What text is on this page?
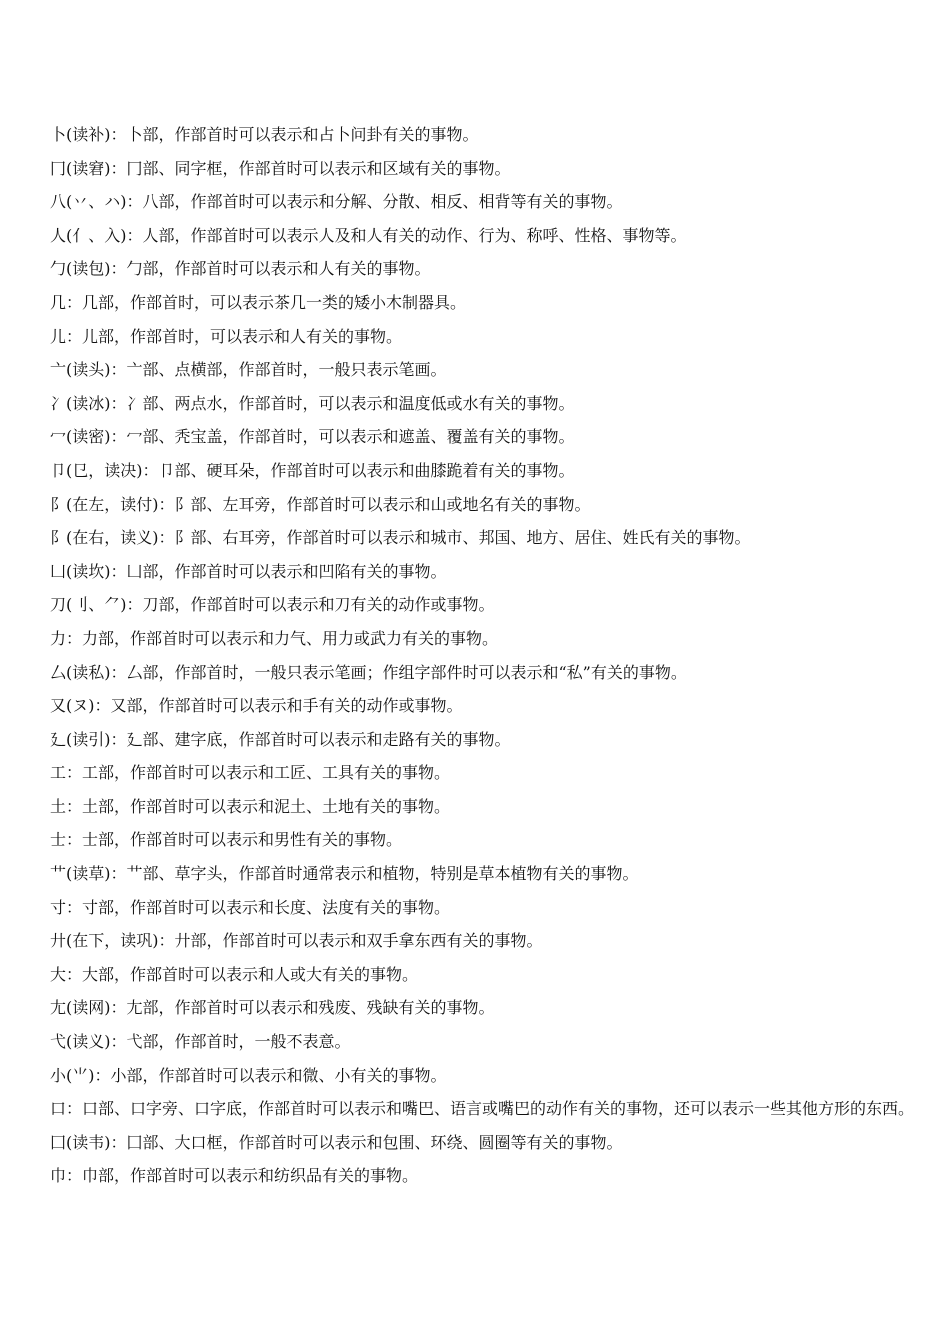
卜(读补)：卜部，作部首时可以表示和占卜问卦有关的事物。

冂(读窘)：冂部、同字框，作部首时可以表示和区域有关的事物。

八(丷、ハ)：八部，作部首时可以表示和分解、分散、相反、相背等有关的事物。

人(亻、入)：人部，作部首时可以表示人及和人有关的动作、行为、称呼、性格、事物等。

勹(读包)：勹部，作部首时可以表示和人有关的事物。

几：几部，作部首时，可以表示茶几一类的矮小木制器具。

儿：儿部，作部首时，可以表示和人有关的事物。

亠(读头)：亠部、点横部，作部首时，一般只表示笔画。

冫(读冰)：冫部、两点水，作部首时，可以表示和温度低或水有关的事物。

冖(读密)：冖部、秃宝盖，作部首时，可以表示和遮盖、覆盖有关的事物。

卩(㔾，读决)：卩部、硬耳朵，作部首时可以表示和曲膝跪着有关的事物。

阝(在左，读付)：阝部、左耳旁，作部首时可以表示和山或地名有关的事物。

阝(在右，读义)：阝部、右耳旁，作部首时可以表示和城市、邦国、地方、居住、姓氏有关的事物。

凵(读坎)：凵部，作部首时可以表示和凹陷有关的事物。

刀(刂、⺈)：刀部，作部首时可以表示和刀有关的动作或事物。

力：力部，作部首时可以表示和力气、用力或武力有关的事物。

厶(读私)：厶部，作部首时，一般只表示笔画；作组字部件时可以表示和“私”有关的事物。

又(ヌ)：又部，作部首时可以表示和手有关的动作或事物。

廴(读引)：廴部、建字底，作部首时可以表示和走路有关的事物。

工：工部，作部首时可以表示和工匠、工具有关的事物。

土：土部，作部首时可以表示和泥土、土地有关的事物。

士：士部，作部首时可以表示和男性有关的事物。

艹(读草)：艹部、草字头，作部首时通常表示和植物，特别是草本植物有关的事物。

寸：寸部，作部首时可以表示和长度、法度有关的事物。

廾(在下，读巩)：廾部，作部首时可以表示和双手拿东西有关的事物。

大：大部，作部首时可以表示和人或大有关的事物。

尢(读网)：尢部，作部首时可以表示和残废、残缺有关的事物。

弋(读义)：弋部，作部首时，一般不表意。

小(⺌)：小部，作部首时可以表示和微、小有关的事物。

口：口部、口字旁、口字底，作部首时可以表示和嘴巴、语言或嘴巴的动作有关的事物，还可以表示一些其他方形的东西。

囗(读韦)：囗部、大口框，作部首时可以表示和包围、环绕、圆圈等有关的事物。

巾：巾部，作部首时可以表示和纺织品有关的事物。
